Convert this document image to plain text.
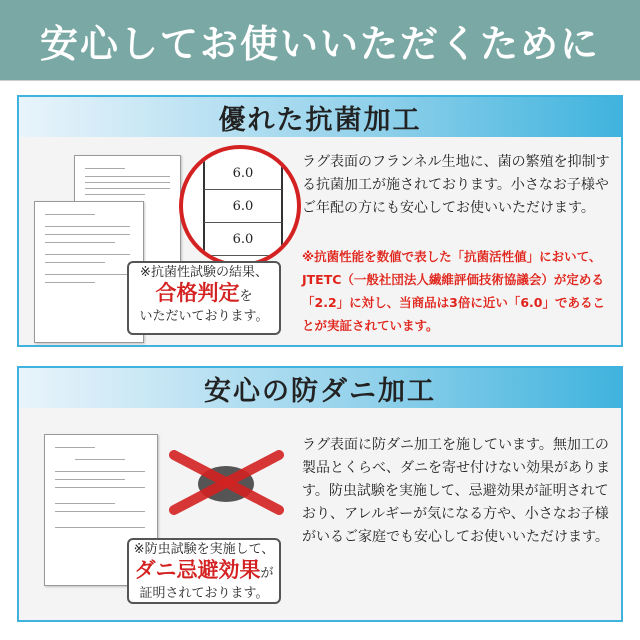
安心してお使いいただくために
優れた抗菌加工
6.0
6.0
6.0
※抗菌性試験の結果、
合格判定を
いただいております。
ラグ表面のフランネル生地に、菌の繁殖を抑制する抗菌加工が施されております。小さなお子様やご年配の方にも安心してお使いいただけます。
※抗菌性能を数値で表した「抗菌活性値」において、JTETC（一般社団法人繊維評価技術協議会）が定める「2.2」に対し、当商品は3倍に近い「6.0」であることが実証されています。
安心の防ダニ加工
※防虫試験を実施して、
ダニ忌避効果が
証明されております。
ラグ表面に防ダニ加工を施しています。無加工の製品とくらべ、ダニを寄せ付けない効果があります。防虫試験を実施して、忌避効果が証明されており、アレルギーが気になる方や、小さなお子様がいるご家庭でも安心してお使いいただけます。
